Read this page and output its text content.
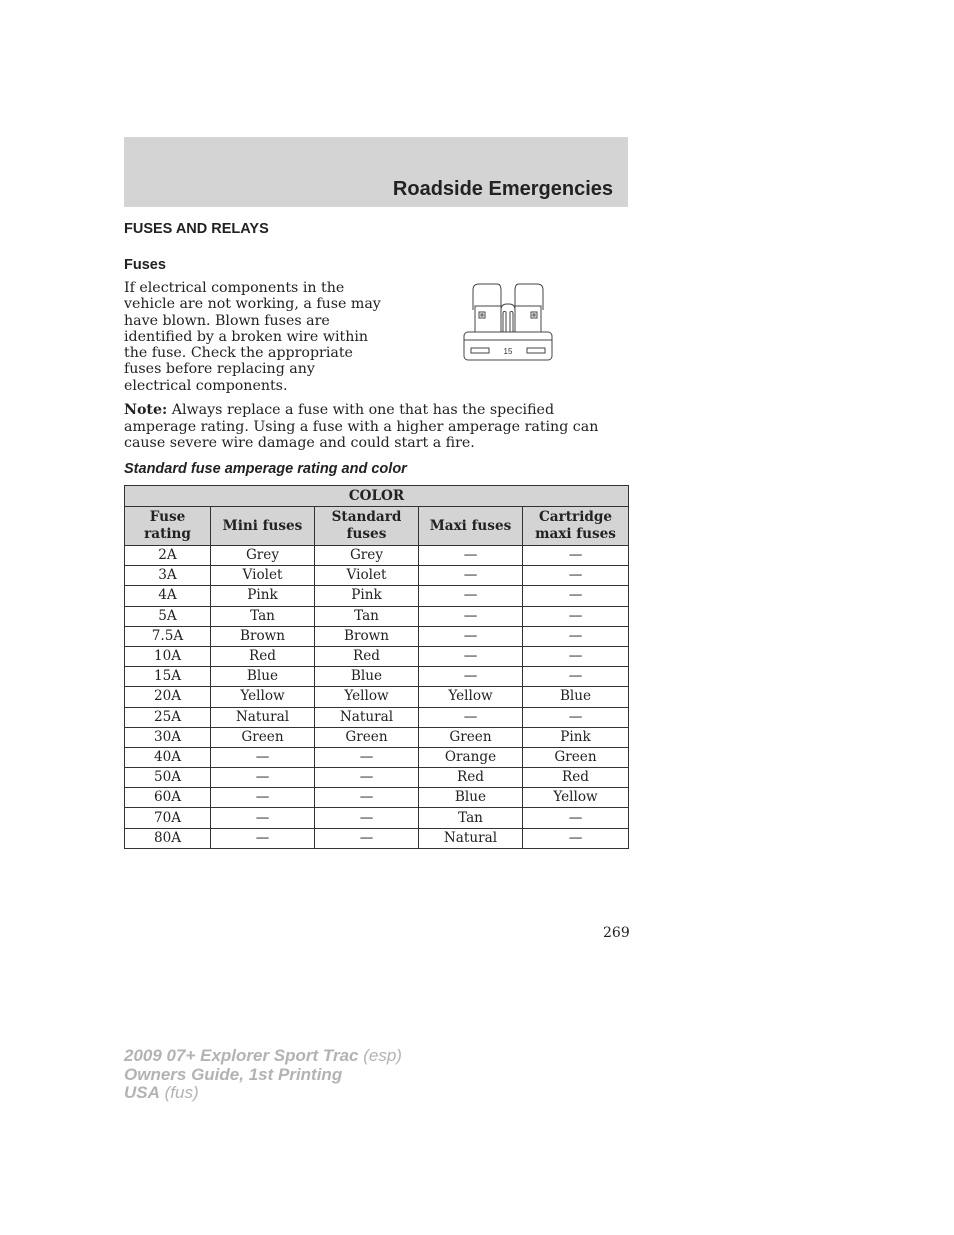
Roadside Emergencies
FUSES AND RELAYS
Fuses

If electrical components in the vehicle are not working, a fuse may have blown. Blown fuses are identified by a broken wire within the fuse. Check the appropriate fuses before replacing any electrical components.

15

Note: Always replace a fuse with one that has the specified amperage rating. Using a fuse with a higher amperage rating can cause severe wire damage and could start a fire.

Standard fuse amperage rating and color
COLOR				
Fuse rating	Mini fuses	Standard fuses	Maxi fuses	Cartridge maxi fuses
2A	Grey	Grey	—	—
3A	Violet	Violet	—	—
4A	Pink	Pink	—	—
5A	Tan	Tan	—	—
7.5A	Brown	Brown	—	—
10A	Red	Red	—	—
15A	Blue	Blue	—	—
20A	Yellow	Yellow	Yellow	Blue
25A	Natural	Natural	—	—
30A	Green	Green	Green	Pink
40A	—	—	Orange	Green
50A	—	—	Red	Red
60A	—	—	Blue	Yellow
70A	—	—	Tan	—
80A	—	—	Natural	—

269

2009 07+ Explorer Sport Trac (esp)
Owners Guide, 1st Printing
USA (fus)
